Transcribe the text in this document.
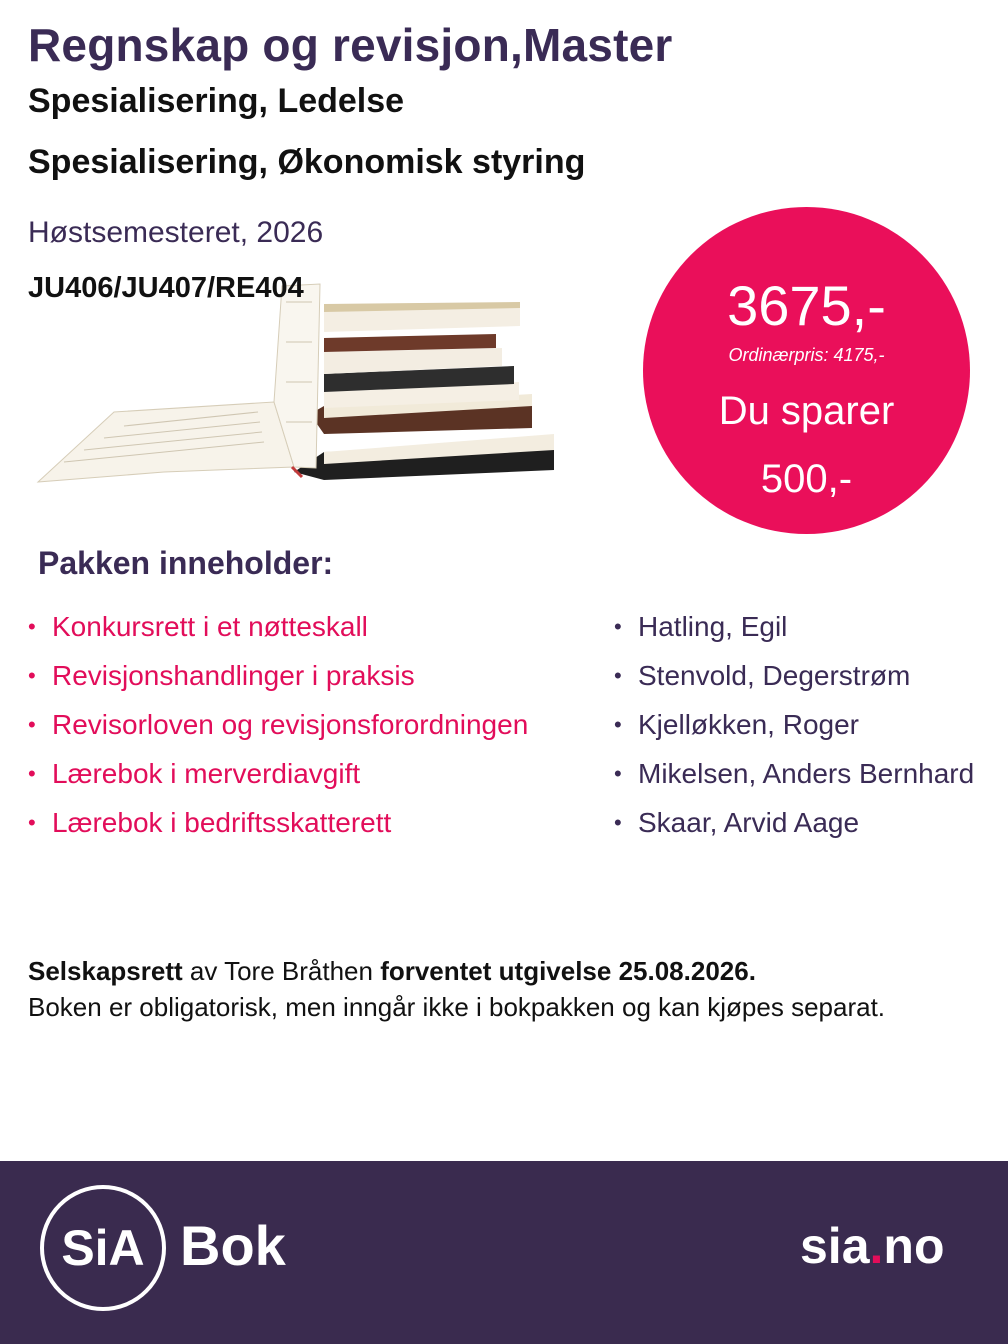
Regnskap og revisjon,Master
Spesialisering, Ledelse
Spesialisering, Økonomisk styring
Høstsemesteret, 2026
JU406/JU407/RE404	3675,-
Ordinærpris: 4175,-
Du sparer
500,-
Pakken inneholder:
• Konkursrett i et nøtteskall
• Revisjonshandlinger i praksis
• Revisorloven og revisjonsforordningen
• Lærebok i merverdiavgift
• Lærebok i bedriftsskatterett
• Hatling, Egil
• Stenvold, Degerstrøm
• Kjelløkken, Roger
• Mikelsen, Anders Bernhard
• Skaar, Arvid Aage

Selskapsrett av Tore Bråthen forventet utgivelse 25.08.2026.

Boken er obligatorisk, men inngår ikke i bokpakken og kan kjøpes separat.

SiA Bok	sia.no
